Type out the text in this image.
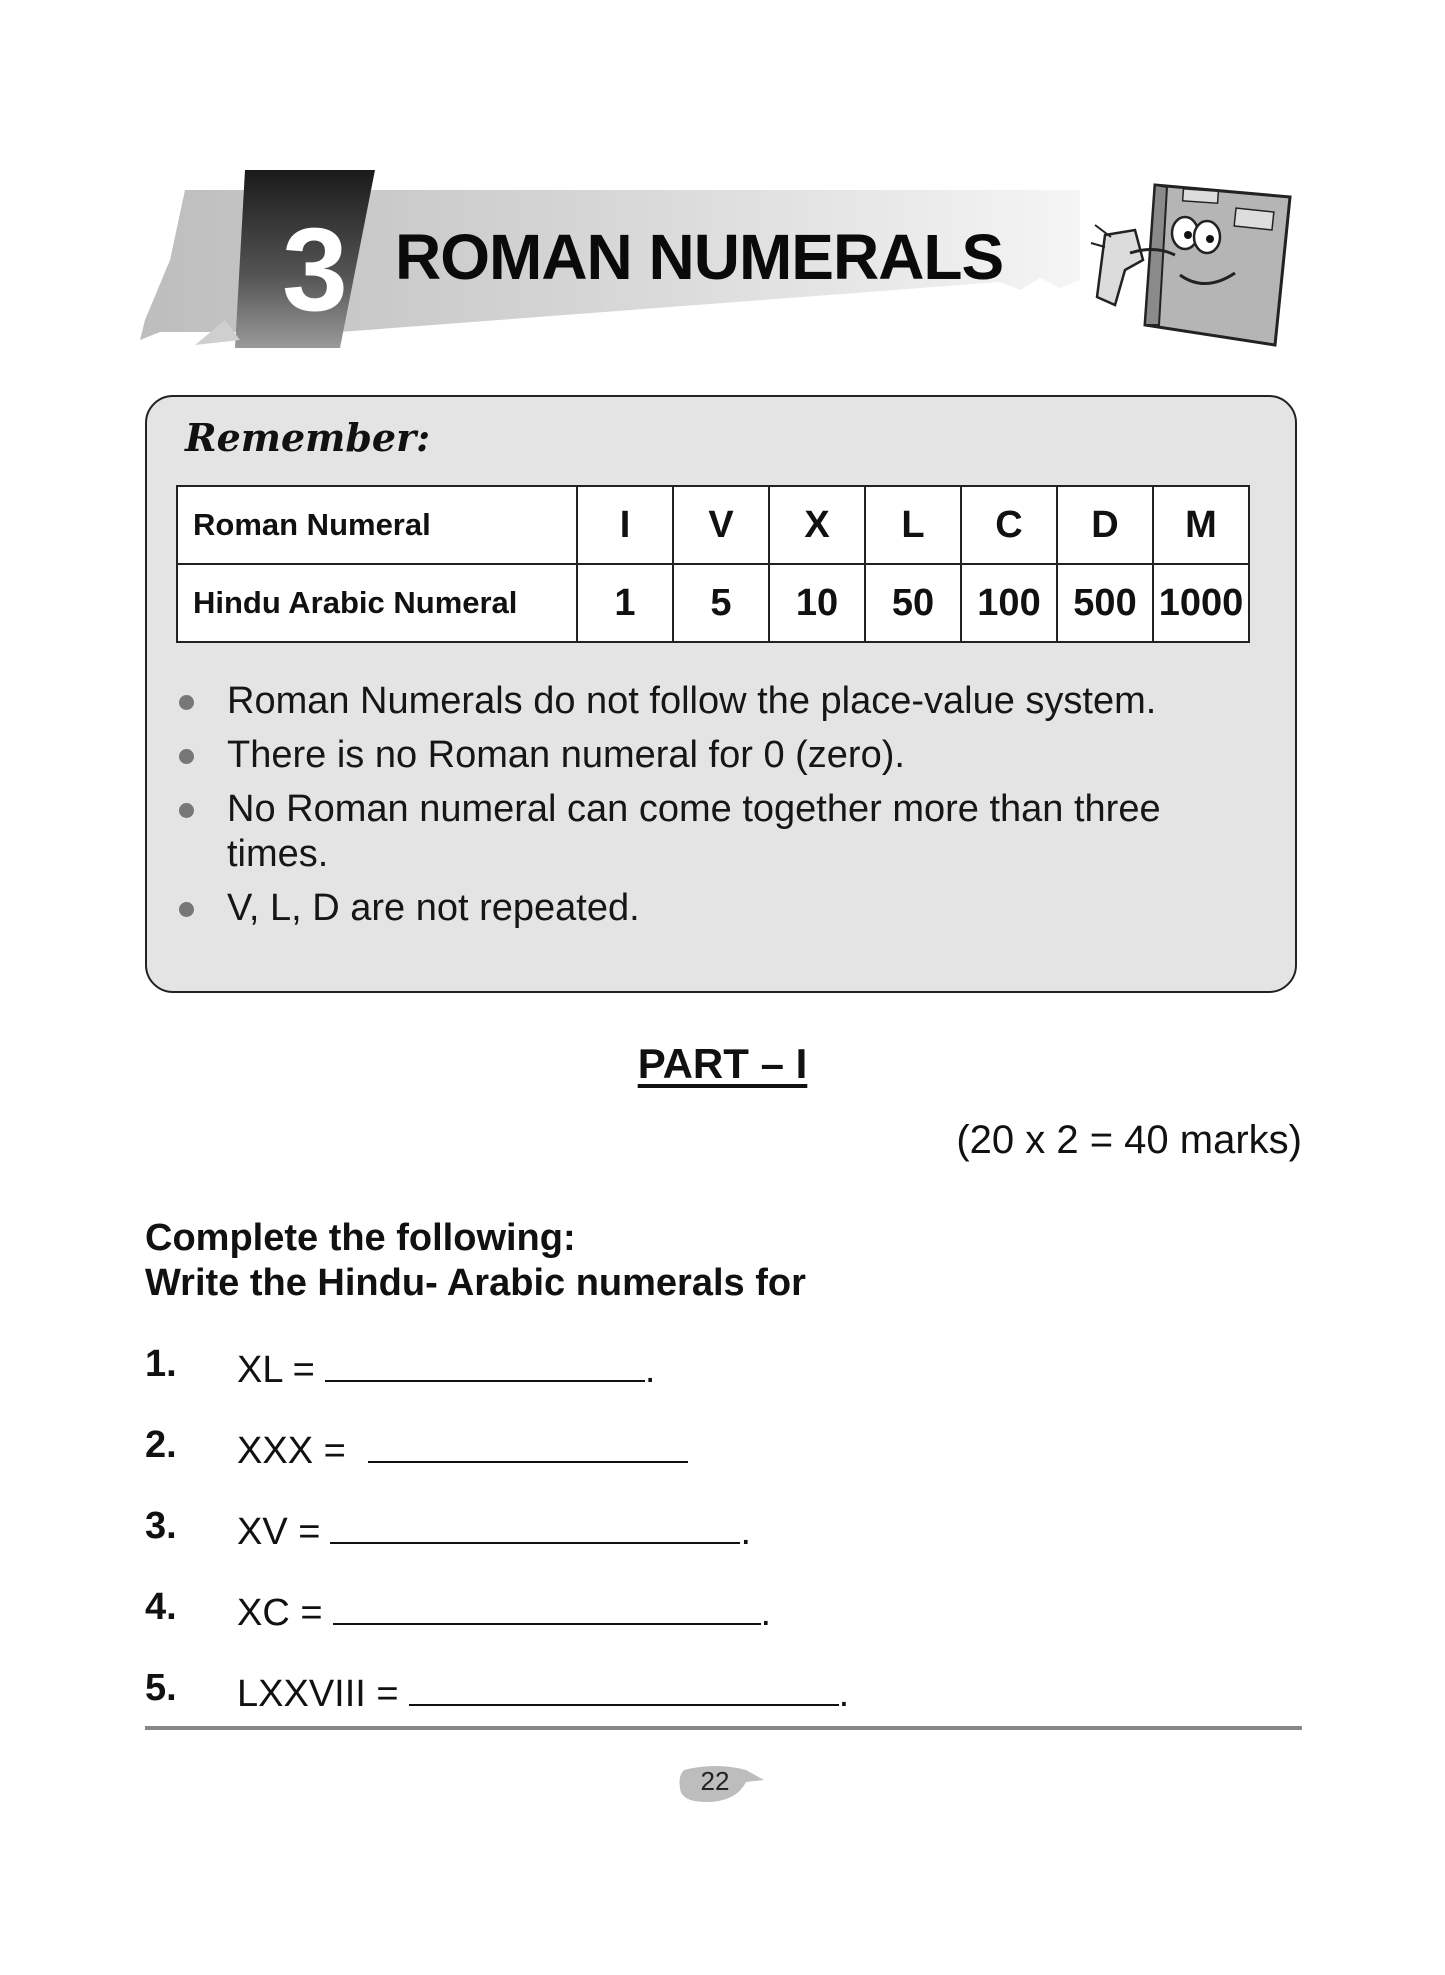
3 ROMAN NUMERALS
Remember:
Roman Numeral	I	V	X	L	C	D	M
Hindu Arabic Numeral	1	5	10	50	100	500	1000
Roman Numerals do not follow the place-value system.
There is no Roman numeral for 0 (zero).
No Roman numeral can come together more than three times.
V, L, D are not repeated.
PART – I
(20 x 2 = 40 marks)
Complete the following:
Write the Hindu- Arabic numerals for
1. XL =	.
2. XXX =
3. XV =	.
4. XC =	.
5. LXXVIII =	.
22
